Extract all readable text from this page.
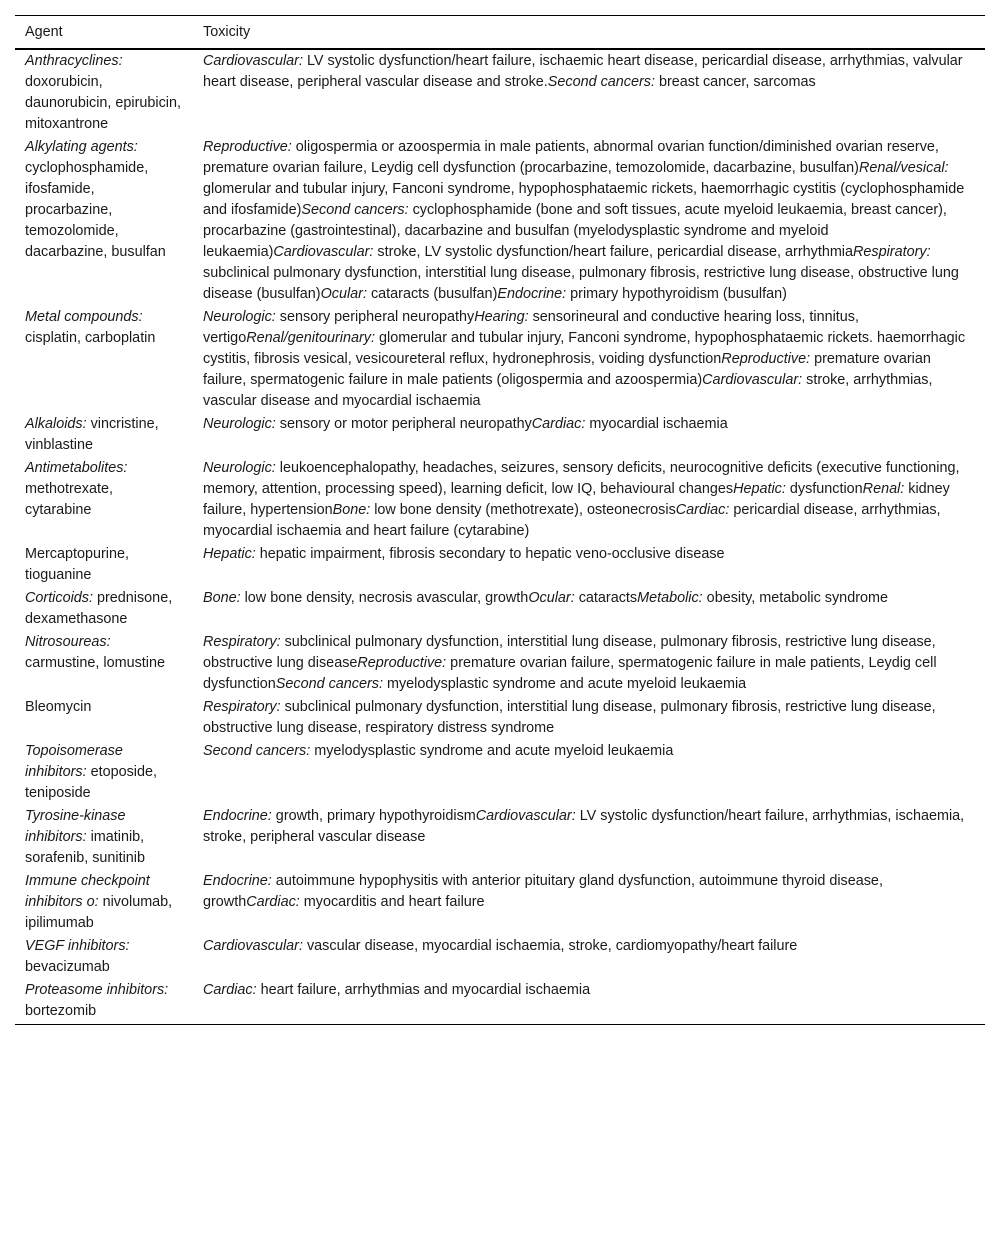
Agent	Toxicity
Anthracyclines: doxorubicin, daunorubicin, epirubicin, mitoxantrone	Cardiovascular: LV systolic dysfunction/heart failure, ischaemic heart disease, pericardial disease, arrhythmias, valvular heart disease, peripheral vascular disease and stroke.Second cancers: breast cancer, sarcomas
Alkylating agents: cyclophosphamide, ifosfamide, procarbazine, temozolomide, dacarbazine, busulfan	Reproductive: oligospermia or azoospermia in male patients, abnormal ovarian function/diminished ovarian reserve, premature ovarian failure, Leydig cell dysfunction (procarbazine, temozolomide, dacarbazine, busulfan)Renal/vesical: glomerular and tubular injury, Fanconi syndrome, hypophosphataemic rickets, haemorrhagic cystitis (cyclophosphamide and ifosfamide)Second cancers: cyclophosphamide (bone and soft tissues, acute myeloid leukaemia, breast cancer), procarbazine (gastrointestinal), dacarbazine and busulfan (myelodysplastic syndrome and myeloid leukaemia)Cardiovascular: stroke, LV systolic dysfunction/heart failure, pericardial disease, arrhythmiaRespiratory: subclinical pulmonary dysfunction, interstitial lung disease, pulmonary fibrosis, restrictive lung disease, obstructive lung disease (busulfan)Ocular: cataracts (busulfan)Endocrine: primary hypothyroidism (busulfan)
Metal compounds: cisplatin, carboplatin	Neurologic: sensory peripheral neuropathyHearing: sensorineural and conductive hearing loss, tinnitus, vertigoRenal/genitourinary: glomerular and tubular injury, Fanconi syndrome, hypophosphataemic rickets. haemorrhagic cystitis, fibrosis vesical, vesicoureteral reflux, hydronephrosis, voiding dysfunctionReproductive: premature ovarian failure, spermatogenic failure in male patients (oligospermia and azoospermia)Cardiovascular: stroke, arrhythmias, vascular disease and myocardial ischaemia
Alkaloids: vincristine, vinblastine	Neurologic: sensory or motor peripheral neuropathyCardiac: myocardial ischaemia
Antimetabolites: methotrexate, cytarabine	Neurologic: leukoencephalopathy, headaches, seizures, sensory deficits, neurocognitive deficits (executive functioning, memory, attention, processing speed), learning deficit, low IQ, behavioural changesHepatic: dysfunctionRenal: kidney failure, hypertensionBone: low bone density (methotrexate), osteonecrosisCardiac: pericardial disease, arrhythmias, myocardial ischaemia and heart failure (cytarabine)
Mercaptopurine, tioguanine	Hepatic: hepatic impairment, fibrosis secondary to hepatic veno-occlusive disease
Corticoids: prednisone, dexamethasone	Bone: low bone density, necrosis avascular, growthOcular: cataractsMetabolic: obesity, metabolic syndrome
Nitrosoureas: carmustine, lomustine	Respiratory: subclinical pulmonary dysfunction, interstitial lung disease, pulmonary fibrosis, restrictive lung disease, obstructive lung diseaseReproductive: premature ovarian failure, spermatogenic failure in male patients, Leydig cell dysfunctionSecond cancers: myelodysplastic syndrome and acute myeloid leukaemia
Bleomycin	Respiratory: subclinical pulmonary dysfunction, interstitial lung disease, pulmonary fibrosis, restrictive lung disease, obstructive lung disease, respiratory distress syndrome
Topoisomerase inhibitors: etoposide, teniposide	Second cancers: myelodysplastic syndrome and acute myeloid leukaemia
Tyrosine-kinase inhibitors: imatinib, sorafenib, sunitinib	Endocrine: growth, primary hypothyroidismCardiovascular: LV systolic dysfunction/heart failure, arrhythmias, ischaemia, stroke, peripheral vascular disease
Immune checkpoint inhibitors o: nivolumab, ipilimumab	Endocrine: autoimmune hypophysitis with anterior pituitary gland dysfunction, autoimmune thyroid disease, growthCardiac: myocarditis and heart failure
VEGF inhibitors: bevacizumab	Cardiovascular: vascular disease, myocardial ischaemia, stroke, cardiomyopathy/heart failure
Proteasome inhibitors: bortezomib	Cardiac: heart failure, arrhythmias and myocardial ischaemia
